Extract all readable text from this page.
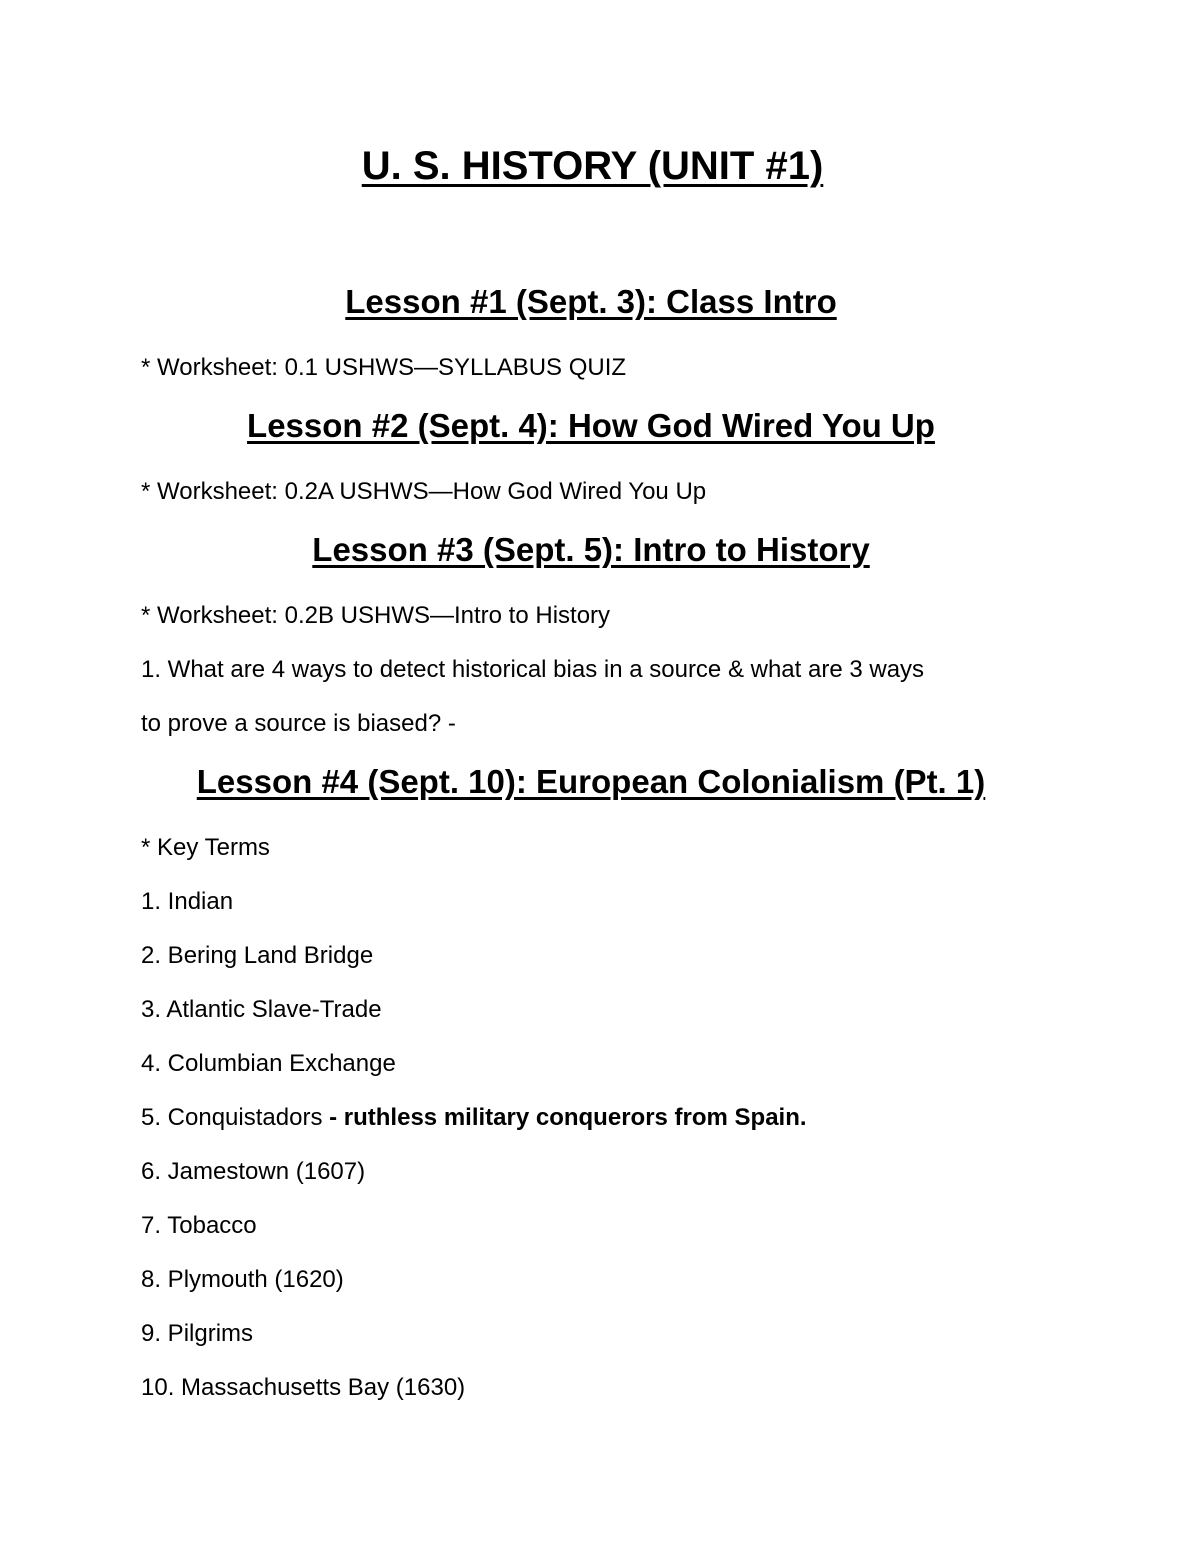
U. S. HISTORY (UNIT #1)
Lesson #1 (Sept. 3): Class Intro

* Worksheet: 0.1 USHWS—SYLLABUS QUIZ

Lesson #2 (Sept. 4): How God Wired You Up

* Worksheet: 0.2A USHWS—How God Wired You Up

Lesson #3 (Sept. 5): Intro to History

* Worksheet: 0.2B USHWS—Intro to History

1. What are 4 ways to detect historical bias in a source & what are 3 ways

to prove a source is biased? -

Lesson #4 (Sept. 10): European Colonialism (Pt. 1)

* Key Terms

1. Indian

2. Bering Land Bridge

3. Atlantic Slave-Trade

4. Columbian Exchange

5. Conquistadors - ruthless military conquerors from Spain.

6. Jamestown (1607)

7. Tobacco

8. Plymouth (1620)

9. Pilgrims

10. Massachusetts Bay (1630)
